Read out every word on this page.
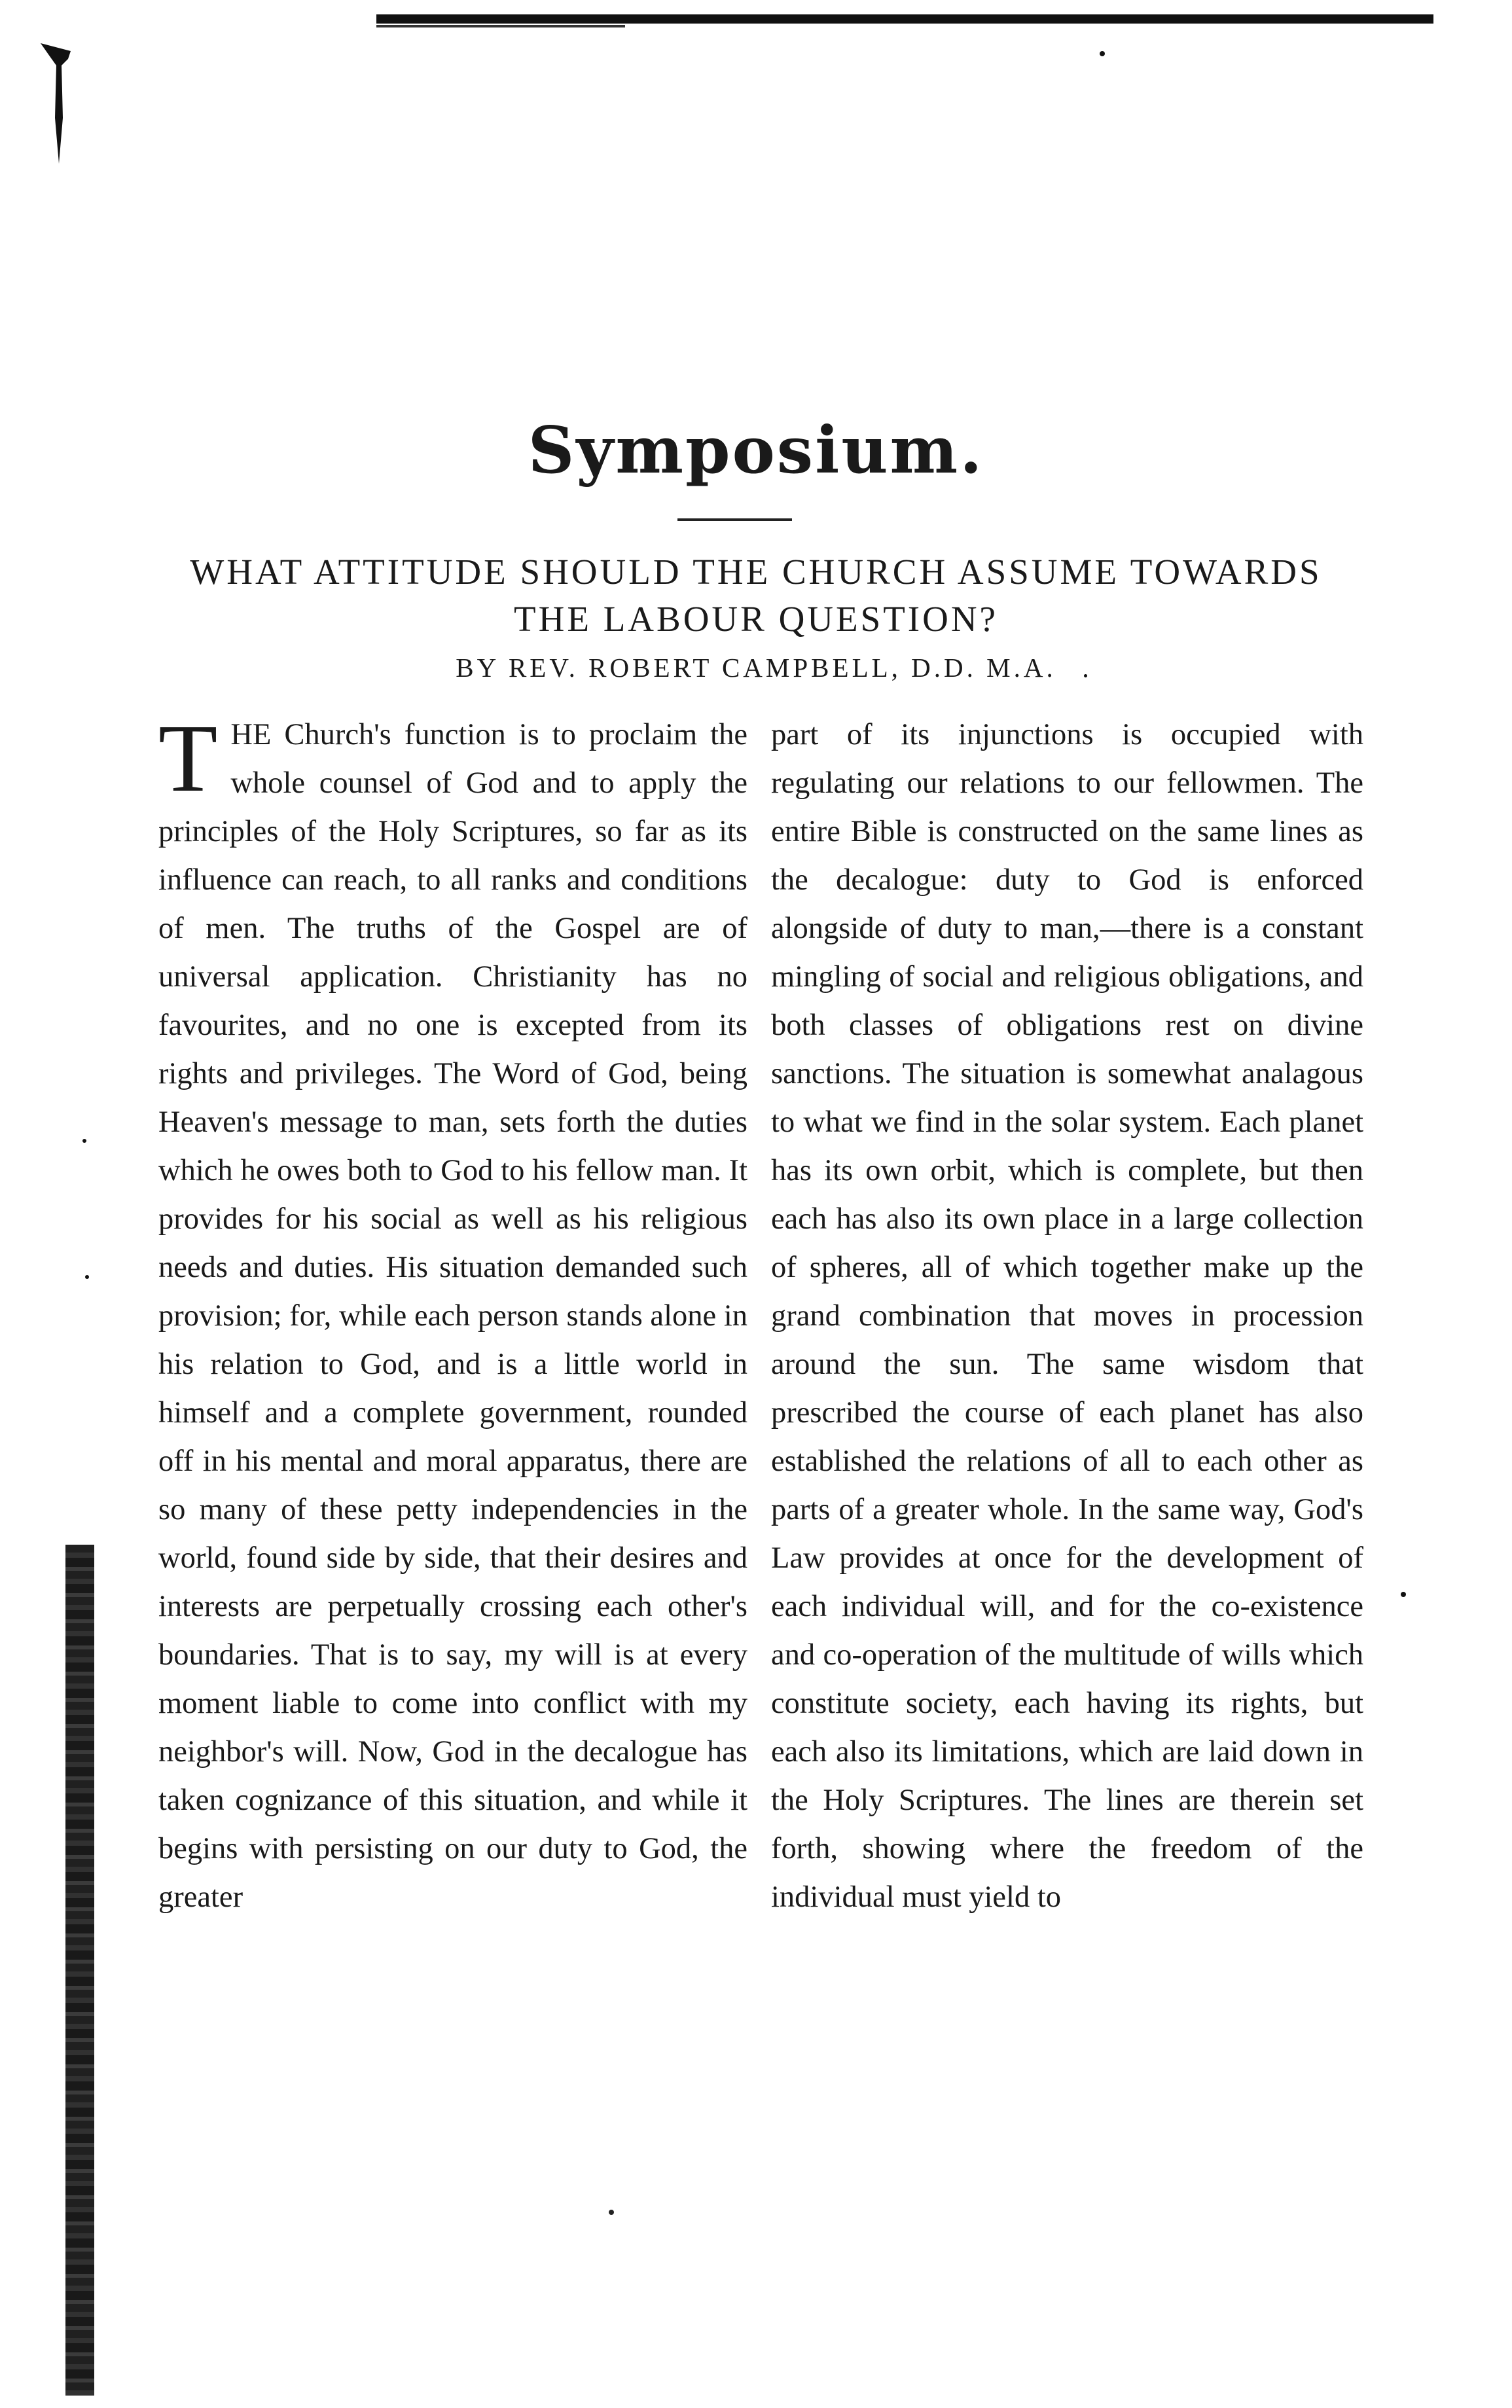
Symposium.
WHAT ATTITUDE SHOULD THE CHURCH ASSUME TOWARDS THE LABOUR QUESTION?
BY REV. ROBERT CAMPBELL, D.D. M.A.

THE Church's function is to proclaim the whole counsel of God and to apply the principles of the Holy Scriptures, so far as its influence can reach, to all ranks and conditions of men. The truths of the Gospel are of universal application. Christianity has no favourites, and no one is excepted from its rights and privileges. The Word of God, being Heaven's message to man, sets forth the duties which he owes both to God to his fellow man. It provides for his social as well as his religious needs and duties. His situation demanded such provision; for, while each person stands alone in his relation to God, and is a little world in himself and a complete government, rounded off in his mental and moral apparatus, there are so many of these petty independencies in the world, found side by side, that their desires and interests are perpetually crossing each other's boundaries. That is to say, my will is at every moment liable to come into conflict with my neighbor's will. Now, God in the decalogue has taken cognizance of this situation, and while it begins with persisting on our duty to God, the greater

part of its injunctions is occupied with regulating our relations to our fellowmen. The entire Bible is constructed on the same lines as the decalogue: duty to God is enforced alongside of duty to man,—there is a constant mingling of social and religious obligations, and both classes of obligations rest on divine sanctions. The situation is somewhat analagous to what we find in the solar system. Each planet has its own orbit, which is complete, but then each has also its own place in a large collection of spheres, all of which together make up the grand combination that moves in procession around the sun. The same wisdom that prescribed the course of each planet has also established the relations of all to each other as parts of a greater whole. In the same way, God's Law provides at once for the development of each individual will, and for the co-existence and co-operation of the multitude of wills which constitute society, each having its rights, but each also its limitations, which are laid down in the Holy Scriptures. The lines are therein set forth, showing where the freedom of the individual must yield to
